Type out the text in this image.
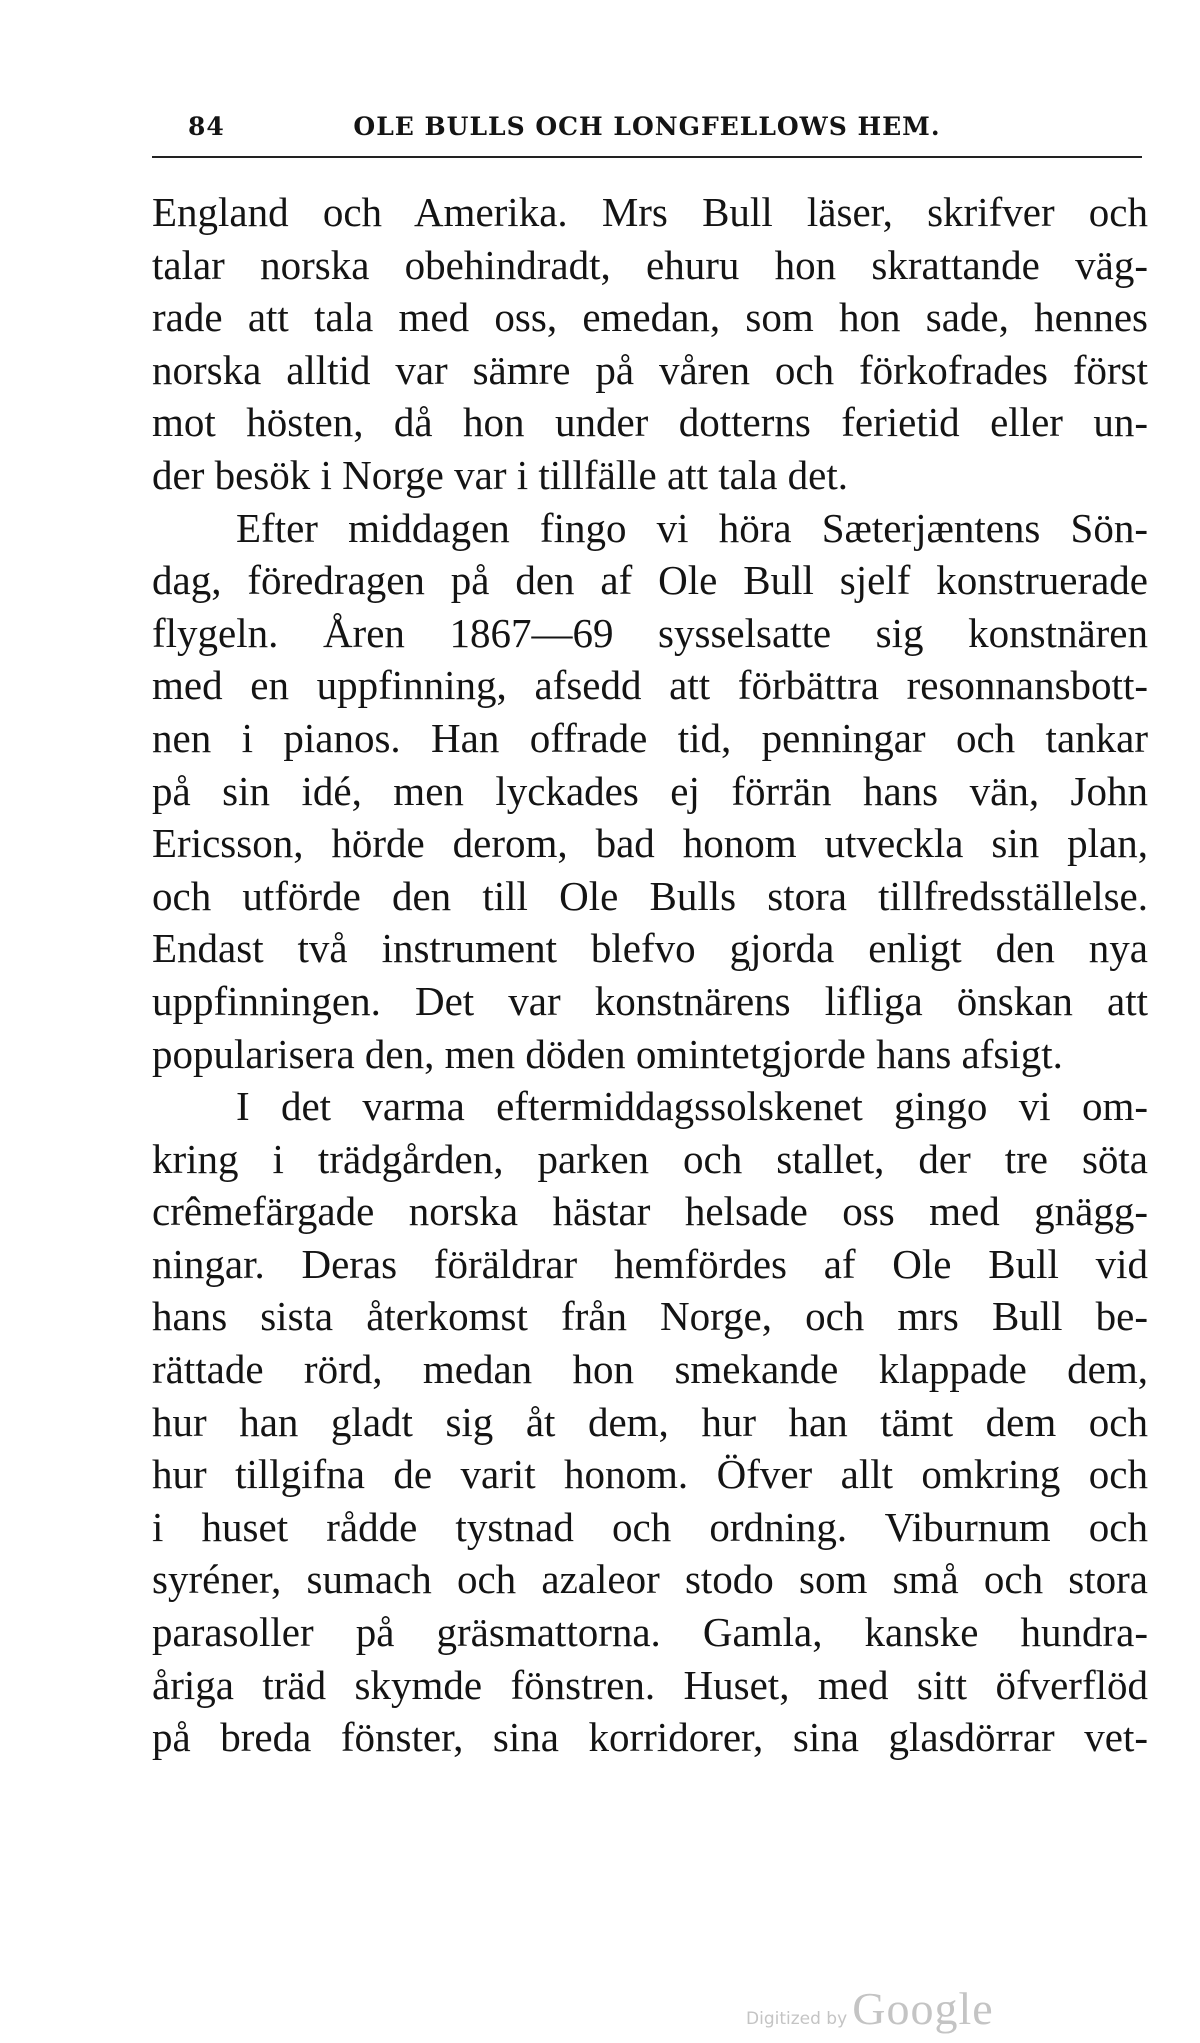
84	OLE BULLS OCH LONGFELLOWS HEM.
England och Amerika. Mrs Bull läser, skrifver och
talar norska obehindradt, ehuru hon skrattande väg-
rade att tala med oss, emedan, som hon sade, hennes
norska alltid var sämre på våren och förkofrades först
mot hösten, då hon under dotterns ferietid eller un-
der besök i Norge var i tillfälle att tala det.
Efter middagen fingo vi höra Sæterjæntens Sön-
dag, föredragen på den af Ole Bull sjelf konstruerade
flygeln. Åren 1867—69 sysselsatte sig konstnären
med en uppfinning, afsedd att förbättra resonnansbott-
nen i pianos. Han offrade tid, penningar och tankar
på sin idé, men lyckades ej förrän hans vän, John
Ericsson, hörde derom, bad honom utveckla sin plan,
och utförde den till Ole Bulls stora tillfredsställelse.
Endast två instrument blefvo gjorda enligt den nya
uppfinningen. Det var konstnärens lifliga önskan att
popularisera den, men döden omintetgjorde hans afsigt.
I det varma eftermiddagssolskenet gingo vi om-
kring i trädgården, parken och stallet, der tre söta
crêmefärgade norska hästar helsade oss med gnägg-
ningar. Deras föräldrar hemfördes af Ole Bull vid
hans sista återkomst från Norge, och mrs Bull be-
rättade rörd, medan hon smekande klappade dem,
hur han gladt sig åt dem, hur han tämt dem och
hur tillgifna de varit honom. Öfver allt omkring och
i huset rådde tystnad och ordning. Viburnum och
syréner, sumach och azaleor stodo som små och stora
parasoller på gräsmattorna. Gamla, kanske hundra-
åriga träd skymde fönstren. Huset, med sitt öfverflöd
på breda fönster, sina korridorer, sina glasdörrar vet-
Digitized by Google
